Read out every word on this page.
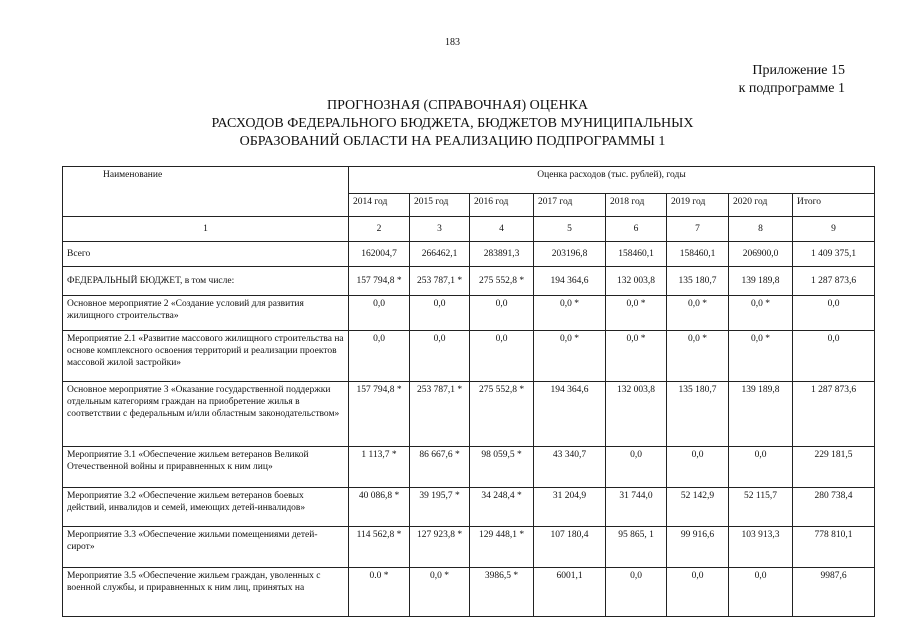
183
Приложение 15
к подпрограмме 1
ПРОГНОЗНАЯ (СПРАВОЧНАЯ) ОЦЕНКА
РАСХОДОВ ФЕДЕРАЛЬНОГО БЮДЖЕТА, БЮДЖЕТОВ МУНИЦИПАЛЬНЫХ
ОБРАЗОВАНИЙ ОБЛАСТИ НА РЕАЛИЗАЦИЮ ПОДПРОГРАММЫ 1
Наименование	Оценка расходов (тыс. рублей), годы							
	2014 год	2015 год	2016 год	2017 год	2018 год	2019 год	2020 год	Итого
1	2	3	4	5	6	7	8	9
Всего	162004,7	266462,1	283891,3	203196,8	158460,1	158460,1	206900,0	1 409 375,1
ФЕДЕРАЛЬНЫЙ БЮДЖЕТ, в том числе:	157 794,8 *	253 787,1 *	275 552,8 *	194 364,6	132 003,8	135 180,7	139 189,8	1 287 873,6
Основное мероприятие 2 «Создание условий для развития жилищного строительства»	0,0	0,0	0,0	0,0 *	0,0 *	0,0 *	0,0 *	0,0
Мероприятие 2.1 «Развитие массового жилищного строительства на основе комплексного освоения территорий и реализации проектов массовой жилой застройки»	0,0	0,0	0,0	0,0 *	0,0 *	0,0 *	0,0 *	0,0
Основное мероприятие 3 «Оказание государственной поддержки отдельным категориям граждан на приобретение жилья в соответствии с федеральным и/или областным законодательством»	157 794,8 *	253 787,1 *	275 552,8 *	194 364,6	132 003,8	135 180,7	139 189,8	1 287 873,6
Мероприятие 3.1 «Обеспечение жильем ветеранов Великой Отечественной войны и приравненных к ним лиц»	1 113,7 *	86 667,6 *	98 059,5 *	43 340,7	0,0	0,0	0,0	229 181,5
Мероприятие 3.2 «Обеспечение жильем ветеранов боевых действий, инвалидов и семей, имеющих детей-инвалидов»	40 086,8 *	39 195,7 *	34 248,4 *	31 204,9	31 744,0	52 142,9	52 115,7	280 738,4
Мероприятие 3.3 «Обеспечение жильми помещениями детей-сирот»	114 562,8 *	127 923,8 *	129 448,1 *	107 180,4	95 865, 1	99 916,6	103 913,3	778 810,1
Мероприятие 3.5 «Обеспечение жильем граждан, уволенных с военной службы, и приравненных к ним лиц, принятых на	0.0 *	0,0 *	3986,5 *	6001,1	0,0	0,0	0,0	9987,6
